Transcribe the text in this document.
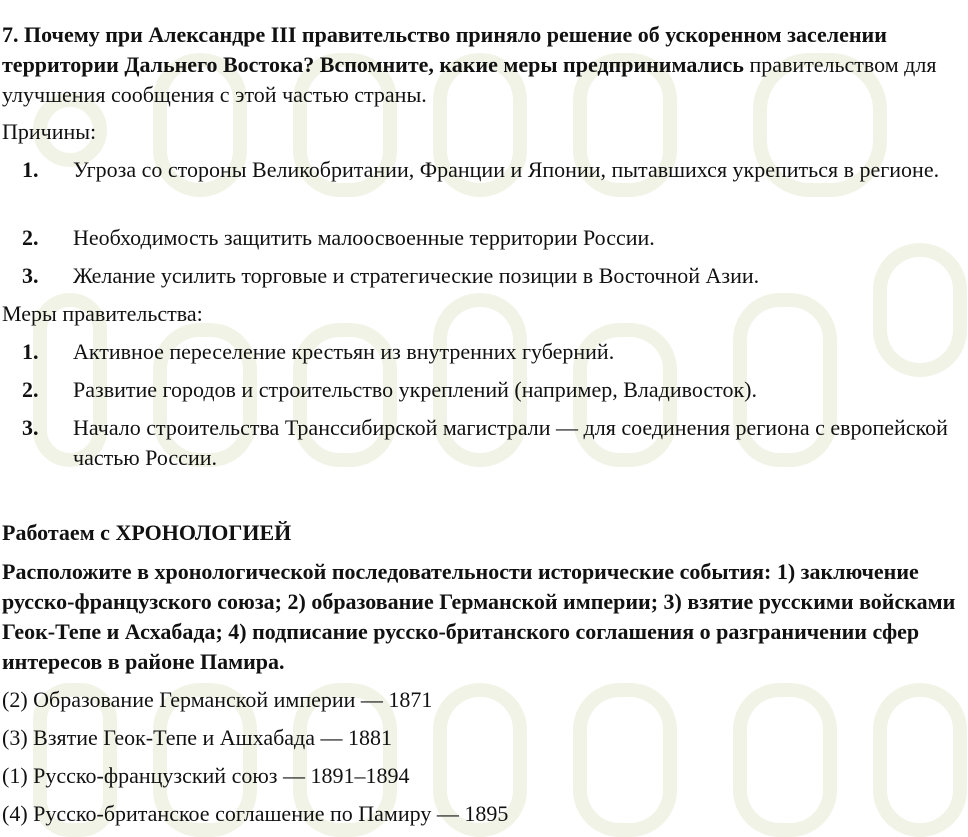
7. Почему при Александре III правительство приняло решение об ускоренном заселении территории Дальнего Востока? Вспомните, какие меры предпринимались правительством для улучшения сообщения с этой частью страны.
Причины:
1. Угроза со стороны Великобритании, Франции и Японии, пытавшихся укрепиться в регионе.
2. Необходимость защитить малоосвоенные территории России.
3. Желание усилить торговые и стратегические позиции в Восточной Азии.
Меры правительства:
1. Активное переселение крестьян из внутренних губерний.
2. Развитие городов и строительство укреплений (например, Владивосток).
3. Начало строительства Транссибирской магистрали — для соединения региона с европейской частью России.
Работаем с ХРОНОЛОГИЕЙ
Расположите в хронологической последовательности исторические события: 1) заключение русско-французского союза; 2) образование Германской империи; 3) взятие русскими войсками Геок-Тепе и Асхабада; 4) подписание русско-британского соглашения о разграничении сфер интересов в районе Памира.
(2) Образование Германской империи — 1871
(3) Взятие Геок-Тепе и Ашхабада — 1881
(1) Русско-французский союз — 1891–1894
(4) Русско-британское соглашение по Памиру — 1895
